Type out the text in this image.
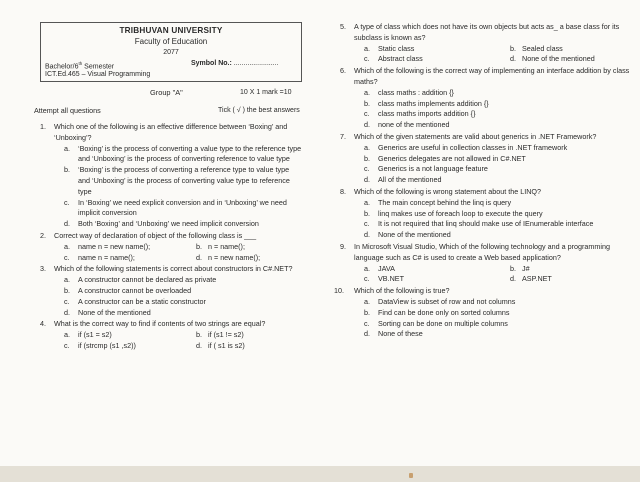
TRIBHUVAN UNIVERSITY
Faculty of Education
2077
Bachelor/6th Semester	Symbol No.: .......................
ICT.Ed.465 – Visual Programming
Group "A"	10 X 1 mark =10
Attempt all questions	Tick ( √ ) the best answers
1. Which one of the following is an effective difference between ‘Boxing’ and ‘Unboxing’?
a. ‘Boxing’ is the process of converting a value type to the reference type and ‘Unboxing’ is the process of converting reference to value type
b. ‘Boxing’ is the process of converting a reference type to value type and ‘Unboxing’ is the process of converting value type to reference type
c. In ‘Boxing’ we need explicit conversion and in ‘Unboxing’ we need implicit conversion
d. Both ‘Boxing’ and ‘Unboxing’ we need implicit conversion
2. Correct way of declaration of object of the following class is ___
a. name n = new name();	b. n = name();
c. name n = name();	d. n = new name();
3. Which of the following statements is correct about constructors in C#.NET?
a. A constructor cannot be declared as private
b. A constructor cannot be overloaded
c. A constructor can be a static constructor
d. None of the mentioned
4. What is the correct way to find if contents of two strings are equal?
a. if (s1 = s2)	b. if (s1 != s2)
c. if (strcmp (s1 ,s2))	d. if ( s1 is s2)
5. A type of class which does not have its own objects but acts as_ a base class for its subclass is known as?
a. Static class	b. Sealed class
c. Abstract class	d. None of the mentioned
6. Which of the following is the correct way of implementing an interface addition by class maths?
a. class maths : addition {}
b. class maths implements addition {}
c. class maths imports addition {}
d. none of the mentioned
7. Which of the given statements are valid about generics in .NET Framework?
a. Generics are useful in collection classes in .NET framework
b. Generics delegates are not allowed in C#.NET
c. Generics is a not language feature
d. All of the mentioned
8. Which of the following is wrong statement about the LINQ?
a. The main concept behind the linq is query
b. linq makes use of foreach loop to execute the query
c. It is not required that linq should make use of IEnumerable interface
d. None of the mentioned
9. In Microsoft Visual Studio, Which of the following technology and a programming language such as C# is used to create a Web based application?
a. JAVA	b. J#
c. VB.NET	d. ASP.NET
10. Which of the following is true?
a. DataView is subset of row and not columns
b. Find can be done only on sorted columns
c. Sorting can be done on multiple columns
d. None of these
